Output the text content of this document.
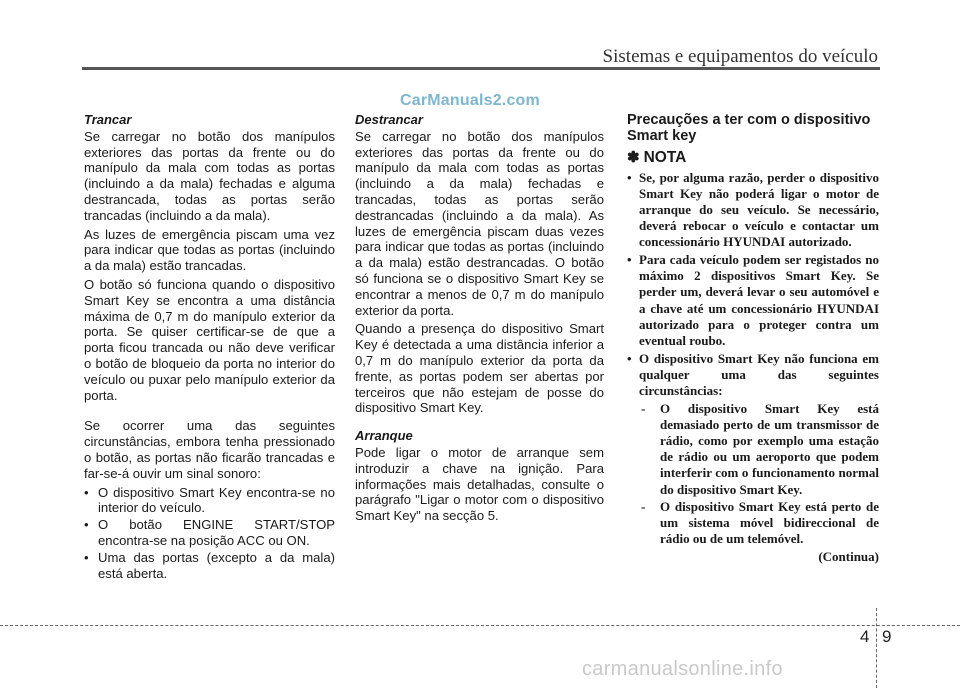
Sistemas e equipamentos do veículo
CarManuals2.com
Trancar

Se carregar no botão dos manípulos exteriores das portas da frente ou do manípulo da mala com todas as portas (incluindo a da mala) fechadas e alguma destrancada, todas as portas serão trancadas (incluindo a da mala).

As luzes de emergência piscam uma vez para indicar que todas as portas (incluindo a da mala) estão trancadas.

O botão só funciona quando o dispositivo Smart Key se encontra a uma distância máxima de 0,7 m do manípulo exterior da porta. Se quiser certificar-se de que a porta ficou trancada ou não deve verificar o botão de bloqueio da porta no interior do veículo ou puxar pelo manípulo exterior da porta.

Se ocorrer uma das seguintes circunstâncias, embora tenha pressionado o botão, as portas não ficarão trancadas e far-se-á ouvir um sinal sonoro:

• O dispositivo Smart Key encontra-se no interior do veículo.
• O botão ENGINE START/STOP encontra-se na posição ACC ou ON.
• Uma das portas (excepto a da mala) está aberta.
Destrancar

Se carregar no botão dos manípulos exteriores das portas da frente ou do manípulo da mala com todas as portas (incluindo a da mala) fechadas e trancadas, todas as portas serão destrancadas (incluindo a da mala). As luzes de emergência piscam duas vezes para indicar que todas as portas (incluindo a da mala) estão destrancadas. O botão só funciona se o dispositivo Smart Key se encontrar a menos de 0,7 m do manípulo exterior da porta.

Quando a presença do dispositivo Smart Key é detectada a uma distância inferior a 0,7 m do manípulo exterior da porta da frente, as portas podem ser abertas por terceiros que não estejam de posse do dispositivo Smart Key.

Arranque

Pode ligar o motor de arranque sem introduzir a chave na ignição. Para informações mais detalhadas, consulte o parágrafo "Ligar o motor com o dispositivo Smart Key" na secção 5.

Precauções a ter com o dispositivo Smart key
✽ NOTA
• Se, por alguma razão, perder o dispositivo Smart Key não poderá ligar o motor de arranque do seu veículo. Se necessário, deverá rebocar o veículo e contactar um concessionário HYUNDAI autorizado.
• Para cada veículo podem ser registados no máximo 2 dispositivos Smart Key. Se perder um, deverá levar o seu automóvel e a chave até um concessionário HYUNDAI autorizado para o proteger contra um eventual roubo.
• O dispositivo Smart Key não funciona em qualquer uma das seguintes circunstâncias:
- O dispositivo Smart Key está demasiado perto de um transmissor de rádio, como por exemplo uma estação de rádio ou um aeroporto que podem interferir com o funcionamento normal do dispositivo Smart Key.
- O dispositivo Smart Key está perto de um sistema móvel bidireccional de rádio ou de um telemóvel.
(Continua)
4 9
carmanualsonline.info
